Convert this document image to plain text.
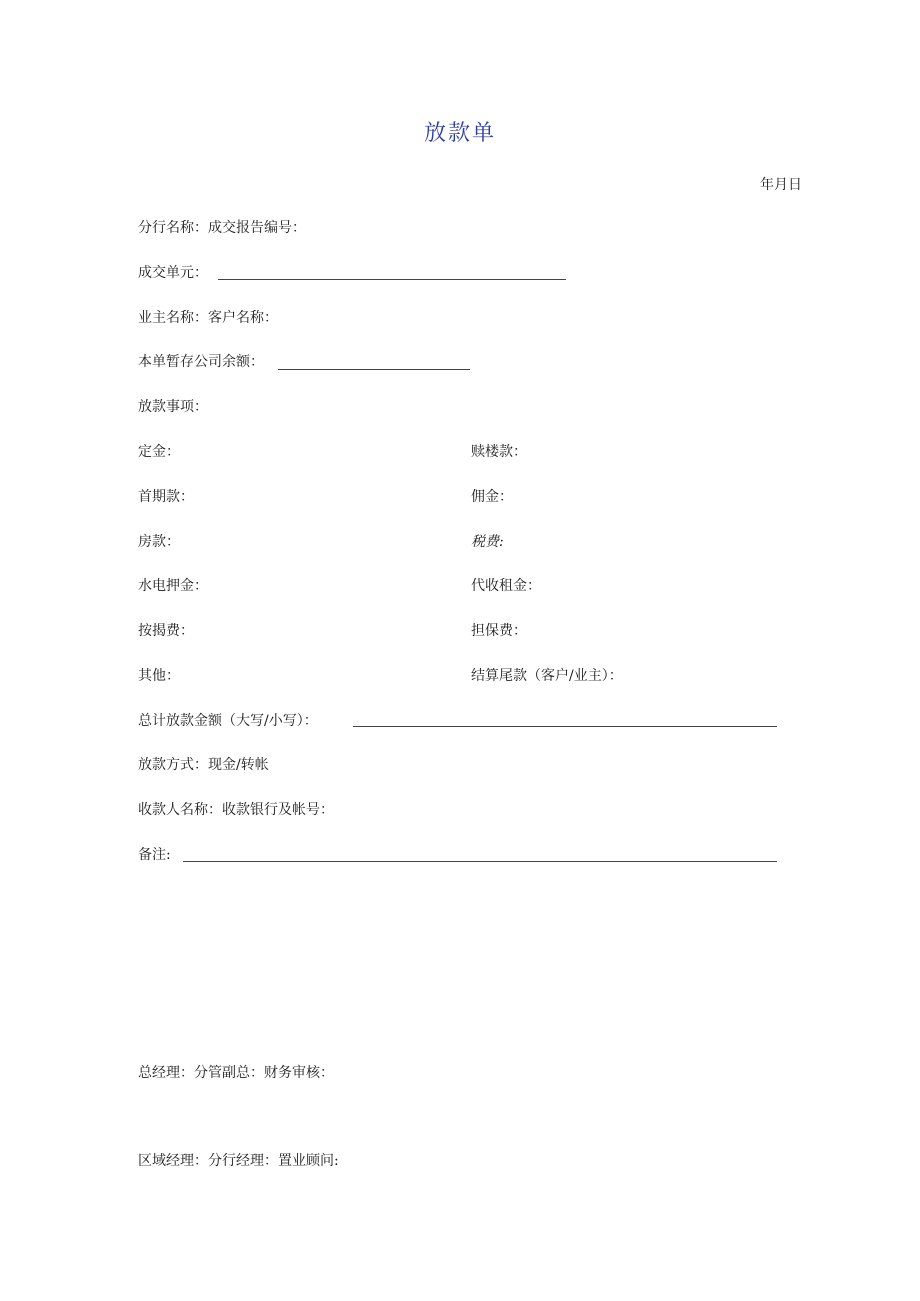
放款单
年月日
分行名称：成交报告编号：
成交单元：
业主名称：客户名称：
本单暂存公司余额：
放款事项：
定金：	赎楼款：
首期款：	佣金：
房款：	税费:
水电押金：	代收租金：
按揭费：	担保费：
其他：	结算尾款（客户/业主）：
总计放款金额（大写/小写）：
放款方式：现金/转帐
收款人名称：收款银行及帐号：
备注:
总经理：分管副总：财务审核：
区域经理：分行经理：置业顾问:
